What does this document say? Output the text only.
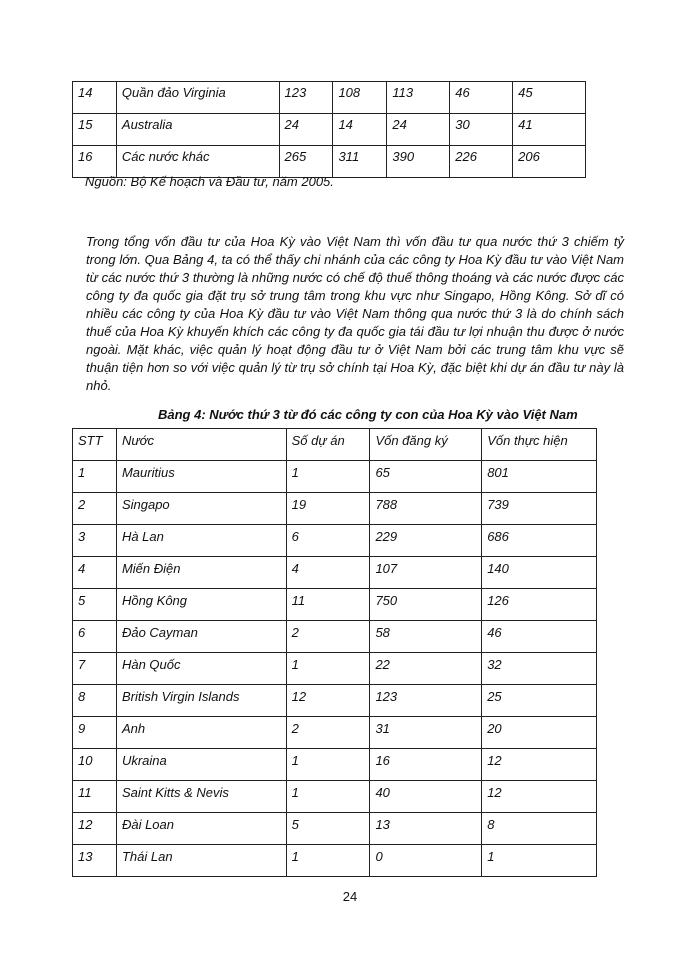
14	Quần đảo Virginia	123	108	113	46	45
15	Australia	24	14	24	30	41
16	Các nước khác	265	311	390	226	206
Nguồn: Bộ Kế hoạch và Đầu tư, năm 2005.
Trong tổng vốn đầu tư của Hoa Kỳ vào Việt Nam thì vốn đầu tư qua nước thứ 3 chiếm tỷ trong lớn. Qua Bảng 4, ta có thể thấy chi nhánh của các công ty Hoa Kỳ đầu tư vào Việt Nam từ các nước thứ 3 thường là những nước có chế độ thuế thông thoáng và các nước được các công ty đa quốc gia đặt trụ sở trung tâm trong khu vực như Singapo, Hồng Kông. Sở dĩ có nhiều các công ty của Hoa Kỳ đầu tư vào Việt Nam thông qua nước thứ 3 là do chính sách thuế của Hoa Kỳ khuyến khích các công ty đa quốc gia tái đầu tư lợi nhuận thu được ở nước ngoài. Mặt khác, việc quản lý hoạt động đầu tư ở Việt Nam bởi các trung tâm khu vực sẽ thuận tiện hơn so với việc quản lý từ trụ sở chính tại Hoa Kỳ, đặc biệt khi dự án đầu tư này là nhỏ.
Bảng 4: Nước thứ 3 từ đó các công ty con của Hoa Kỳ vào Việt Nam
STT	Nước	Số dự án	Vốn đăng ký	Vốn thực hiện
1	Mauritius	1	65	801
2	Singapo	19	788	739
3	Hà Lan	6	229	686
4	Miến Điện	4	107	140
5	Hồng Kông	11	750	126
6	Đảo Cayman	2	58	46
7	Hàn Quốc	1	22	32
8	British Virgin Islands	12	123	25
9	Anh	2	31	20
10	Ukraina	1	16	12
11	Saint Kitts & Nevis	1	40	12
12	Đài Loan	5	13	8
13	Thái Lan	1	0	1
24
